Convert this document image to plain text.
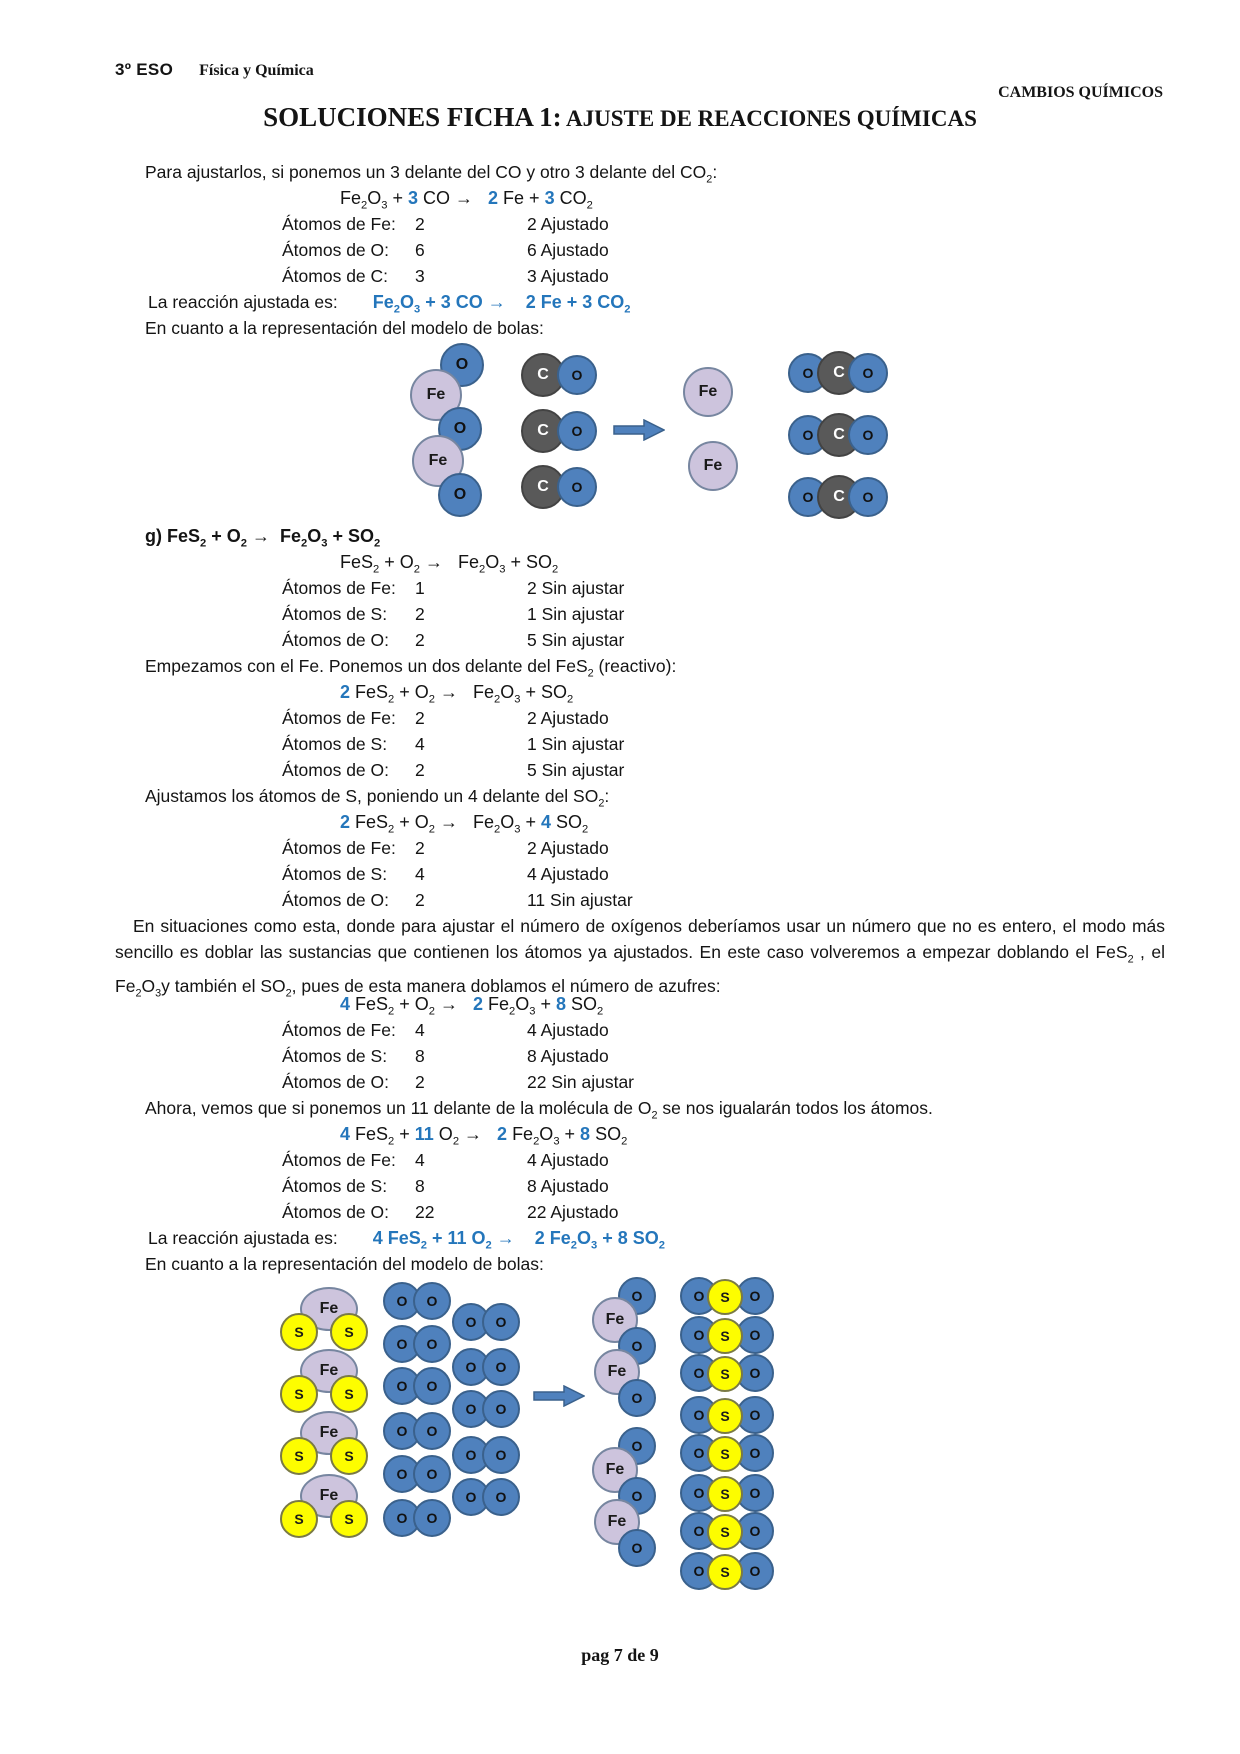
3º ESO Física y Química
CAMBIOS QUÍMICOS
SOLUCIONES FICHA 1: AJUSTE DE REACCIONES QUÍMICAS
Para ajustarlos, si ponemos un 3 delante del CO y otro 3 delante del $CO_2$:
$Fe_2O_3 + 3$ CO →   2 Fe + 3 $CO_2$
Átomos de Fe:	2	2 Ajustado
Átomos de O:	6	6 Ajustado
Átomos de C:	3	3 Ajustado
La reacción ajustada es: $Fe_2O_3 + 3$ CO →    2 Fe + 3 $CO_2$
En cuanto a la representación del modelo de bolas:
O
Fe
O
Fe
O
C	O
C	O
C	O
Fe
Fe
O	C	O
O	C	O
O	C	O
g) $FeS_2 + O_2 \to Fe_2O_3 + SO_2$
$FeS_2 + O_2 \to Fe_2O_3 + SO_2$
Átomos de Fe:	1	2 Sin ajustar
Átomos de S:	2	1 Sin ajustar
Átomos de O:	2	5 Sin ajustar
Empezamos con el Fe. Ponemos un dos delante del FeS$_2$ (reactivo):
2 $FeS_2 + O_2 \to Fe_2O_3 + SO_2$
Átomos de Fe:	2	2 Ajustado
Átomos de S:	4	1 Sin ajustar
Átomos de O:	2	5 Sin ajustar
Ajustamos los átomos de S, poniendo un 4 delante del $SO_2$:
2 $FeS_2 + O_2 \to Fe_2O_3 + 4$ $SO_2$
Átomos de Fe:	2	2 Ajustado
Átomos de S:	4	4 Ajustado
Átomos de O:	2	11 Sin ajustar
En situaciones como esta, donde para ajustar el número de oxígenos deberíamos usar un número que no es entero, el modo más sencillo es doblar las sustancias que contienen los átomos ya ajustados. En este caso volveremos a empezar doblando el FeS$_2$ , el $Fe_2O_3y$ también el $SO_2$, pues de esta manera doblamos el número de azufres:
4 $FeS_2 + O_2 \to 2$ $Fe_2O_3 + 8$ $SO_2$
Átomos de Fe:	4	4 Ajustado
Átomos de S:	8	8 Ajustado
Átomos de O:	2	22 Sin ajustar
Ahora, vemos que si ponemos un 11 delante de la molécula de $O_2$ se nos igualarán todos los átomos.
4 FeS$_2$ + 11 $O_2 \to 2$ $Fe_2O_3 + 8$ $SO_2$
Átomos de Fe:	4	4 Ajustado
Átomos de S:	8	8 Ajustado
Átomos de O:	22	22 Ajustado
La reacción ajustada es: 4 FeS$_2$ + 11 $O_2$ →    2 $Fe_2O_3 + 8$ $SO_2$
En cuanto a la representación del modelo de bolas:
Fe
S	S
Fe
S	S
Fe
S	S
Fe
S	S
O	O
O	O
O	O
O	O
O	O
O	O
O	O
O	O
O	O
O	O
O	O
O
Fe
O
Fe
O
O
Fe
O
Fe
O
O	O
S
O	O
S
O	O
S
O	O
S
O	O
S
O	O
S
O	O
S
O	O
S
pag 7 de 9
